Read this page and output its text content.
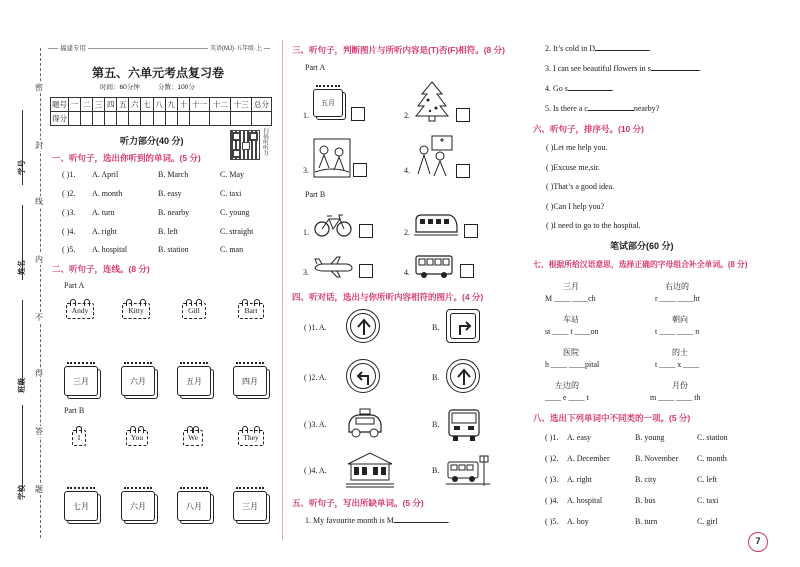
密
封
线
内
不
得
答
题
学号
姓名
班级
学校
福建专用	英语(MJ)·五年级·上
第五、六单元考点复习卷
时间：60分钟	分数：100分
题号	一	二	三	四	五	六	七	八	九	十	十一	十二	十三	总分
得分														
听力部分(40 分)	扫码听听力
一、听句子，选出你听到的单词。(5 分)
( )1. A. April	B. March	C. May
( )2. A. month	B. easy	C. taxi
( )3. A. turn	B. nearby	C. young
( )4. A. right	B. left	C. straight
( )5. A. hospital	B. station	C. man
二、听句子，连线。(8 分)
Part A
Andy	Kitty	Gill	Bart
三月	六月	五月	四月
Part B
I	You	We	They
七月	六月	八月	三月
三、听句子，判断图片与所听内容是(T)否(F)相符。(8 分)
Part A
1.
五月
2.
3.	4.
Part B
1.	2.
3.	4.
四、听对话，选出与你所听内容相符的图片。(4 分)
( )1. A.	B.
( )2. A.	B.
( )3. A.	B.
( )4. A.	B.
五、听句子，写出所缺单词。(5 分)
1. My favourite month is M	.
2. It’s cold in D	.
3. I can see beautiful flowers in s	.
4. Go s	.
5. Is there a c	nearby?
六、听句子，排序号。(10 分)
( )Let me help you.
( )Excuse me,sir.
( )That’s a good idea.
( )Can I help you?
( )I need to go to the hospital.
笔试部分(60 分)
七、根据所给汉语意思，选择正确的字母组合补全单词。(8 分)
三月	右边的
M ____ ____ch	r ____ ____ht
车站	朝向
st ____ t ____on	t ____ ____ n
医院	的士
h ____ ____pital	t ____ x ____
左边的	月份
____ e ____ t	m ____ ____ th
八、选出下列单词中不同类的一项。(5 分)
( )1. A. easy	B. young	C. station
( )2. A. December	B. November C. month
( )3. A. right	B. city	C. left
( )4. A. hospital	B. bus	C. taxi
( )5. A. boy	B. turn	C. girl
7
